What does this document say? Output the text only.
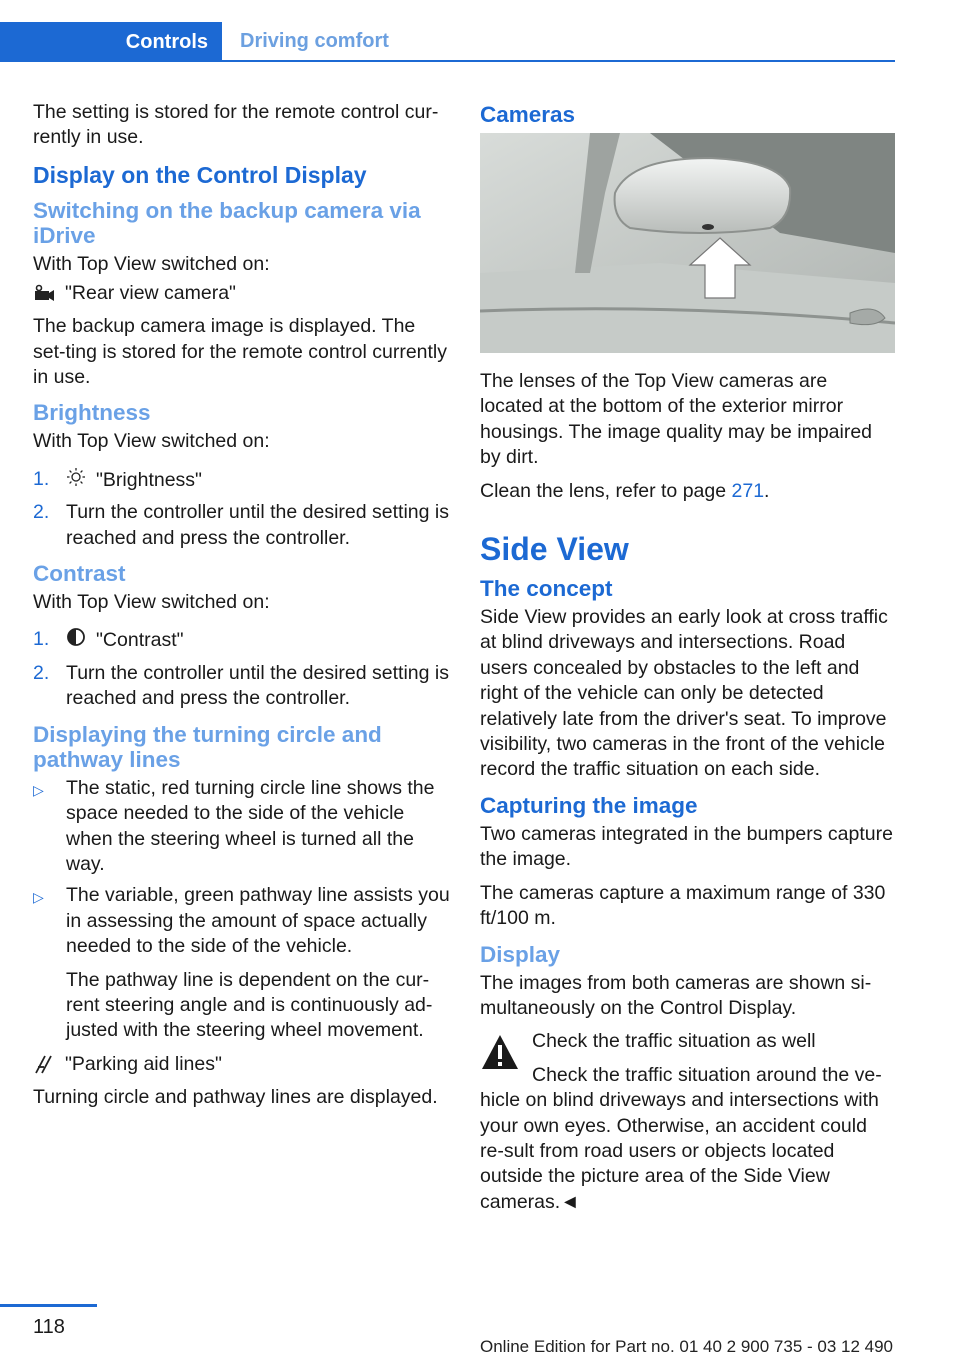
Controls	Driving comfort

The setting is stored for the remote control cur-rently in use.

Display on the Control Display
Switching on the backup camera via iDrive

With Top View switched on:

"Rear view camera"

The backup camera image is displayed. The set-ting is stored for the remote control currently in use.

Brightness

With Top View switched on:

1. "Brightness"
2. Turn the controller until the desired setting is reached and press the controller.
Contrast

With Top View switched on:

1. "Contrast"
2. Turn the controller until the desired setting is reached and press the controller.
Displaying the turning circle and pathway lines
▷ The static, red turning circle line shows the space needed to the side of the vehicle when the steering wheel is turned all the way.
▷ The variable, green pathway line assists you in assessing the amount of space actually needed to the side of the vehicle.
The pathway line is dependent on the cur-rent steering angle and is continuously ad-justed with the steering wheel movement.
"Parking aid lines"

Turning circle and pathway lines are displayed.

Cameras

The lenses of the Top View cameras are located at the bottom of the exterior mirror housings. The image quality may be impaired by dirt.

Clean the lens, refer to page 271.

Side View
The concept

Side View provides an early look at cross traffic at blind driveways and intersections. Road users concealed by obstacles to the left and right of the vehicle can only be detected relatively late from the driver's seat. To improve visibility, two cameras in the front of the vehicle record the traffic situation on each side.

Capturing the image

Two cameras integrated in the bumpers capture the image.

The cameras capture a maximum range of 330 ft/100 m.

Display

The images from both cameras are shown si-multaneously on the Control Display.

Check the traffic situation as well

Check the traffic situation around the ve-hicle on blind driveways and intersections with your own eyes. Otherwise, an accident could re-sult from road users or objects located outside the picture area of the Side View cameras.◄

118
Online Edition for Part no. 01 40 2 900 735 - 03 12 490
